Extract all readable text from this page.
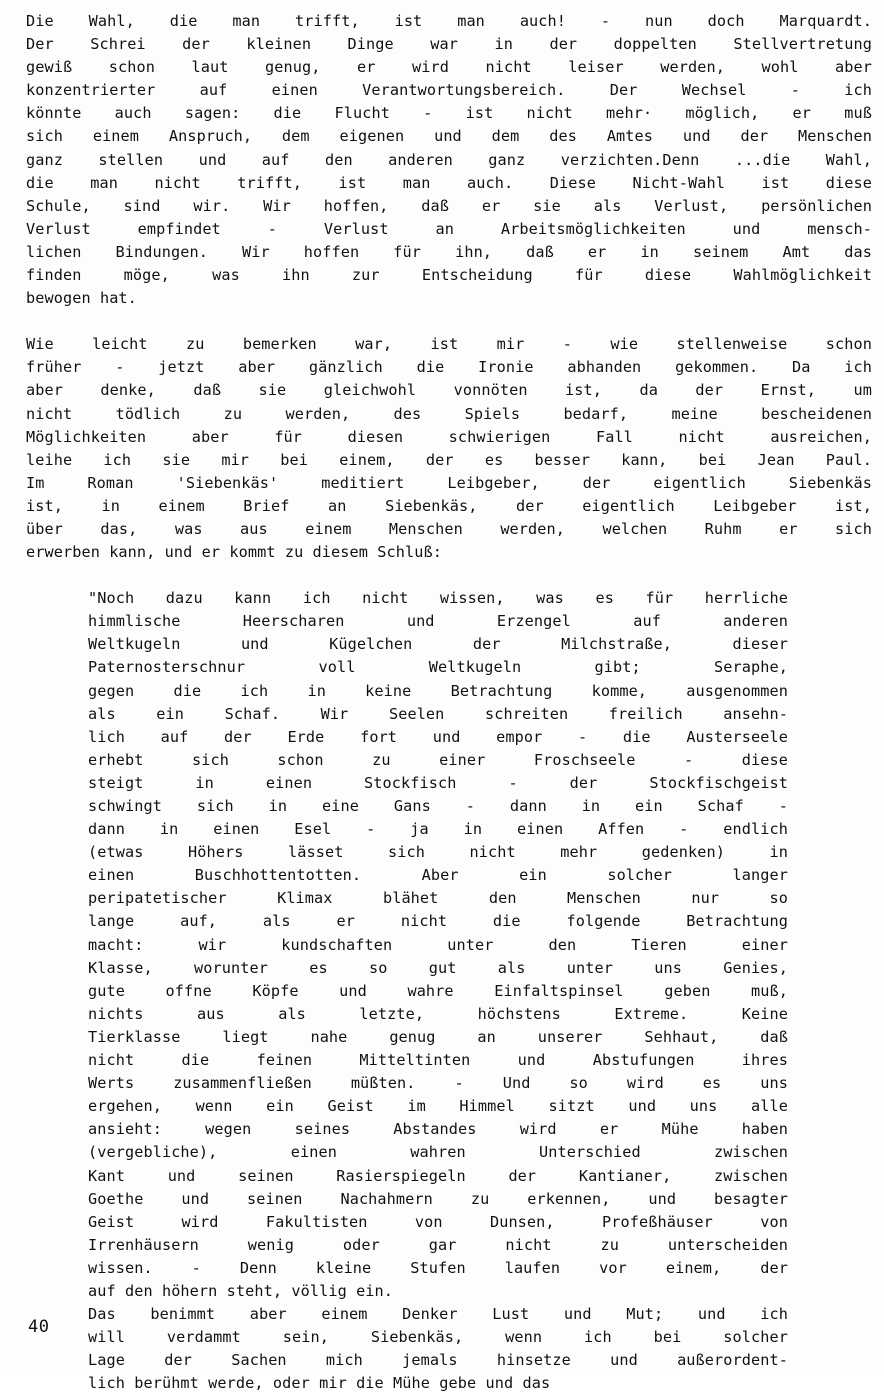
Die Wahl, die man trifft, ist man auch! - nun doch Marquardt.
Der Schrei der kleinen Dinge war in der doppelten Stellvertretung
gewiß schon laut genug, er wird nicht leiser werden, wohl aber
konzentrierter auf einen Verantwortungsbereich. Der Wechsel - ich
könnte auch sagen: die Flucht - ist nicht mehr· möglich, er muß
sich einem Anspruch, dem eigenen und dem des Amtes und der Menschen
ganz stellen und auf den anderen ganz verzichten.Denn ...die Wahl,
die man nicht trifft, ist man auch. Diese Nicht-Wahl ist diese
Schule, sind wir. Wir hoffen, daß er sie als Verlust, persönlichen
Verlust empfindet - Verlust an Arbeitsmöglichkeiten und mensch-
lichen Bindungen. Wir hoffen für ihn, daß er in seinem Amt das
finden möge, was ihn zur Entscheidung für diese Wahlmöglichkeit
bewogen hat.
Wie leicht zu bemerken war, ist mir - wie stellenweise schon
früher - jetzt aber gänzlich die Ironie abhanden gekommen. Da ich
aber denke, daß sie gleichwohl vonnöten ist, da der Ernst, um
nicht tödlich zu werden, des Spiels bedarf, meine bescheidenen
Möglichkeiten aber für diesen schwierigen Fall nicht ausreichen,
leihe ich sie mir bei einem, der es besser kann, bei Jean Paul.
Im Roman 'Siebenkäs' meditiert Leibgeber, der eigentlich Siebenkäs
ist, in einem Brief an Siebenkäs, der eigentlich Leibgeber ist,
über das, was aus einem Menschen werden, welchen Ruhm er sich
erwerben kann, und er kommt zu diesem Schluß:
"Noch dazu kann ich nicht wissen, was es für herrliche
himmlische Heerscharen und Erzengel auf anderen
Weltkugeln und Kügelchen der Milchstraße, dieser
Paternosterschnur voll Weltkugeln gibt; Seraphe,
gegen die ich in keine Betrachtung komme, ausgenommen
als ein Schaf. Wir Seelen schreiten freilich ansehn-
lich auf der Erde fort und empor - die Austerseele
erhebt sich schon zu einer Froschseele - diese
steigt in einen Stockfisch - der Stockfischgeist
schwingt sich in eine Gans - dann in ein Schaf -
dann in einen Esel - ja in einen Affen - endlich
(etwas Höhers lässet sich nicht mehr gedenken) in
einen Buschhottentotten. Aber ein solcher langer
peripatetischer Klimax blähet den Menschen nur so
lange auf, als er nicht die folgende Betrachtung
macht: wir kundschaften unter den Tieren einer
Klasse, worunter es so gut als unter uns Genies,
gute offne Köpfe und wahre Einfaltspinsel geben muß,
nichts aus als letzte, höchstens Extreme. Keine
Tierklasse liegt nahe genug an unserer Sehhaut, daß
nicht die feinen Mitteltinten und Abstufungen ihres
Werts zusammenfließen müßten. - Und so wird es uns
ergehen, wenn ein Geist im Himmel sitzt und uns alle
ansieht: wegen seines Abstandes wird er Mühe haben
(vergebliche), einen wahren Unterschied zwischen
Kant und seinen Rasierspiegeln der Kantianer, zwischen
Goethe und seinen Nachahmern zu erkennen, und besagter
Geist wird Fakultisten von Dunsen, Profeßhäuser von
Irrenhäusern wenig oder gar nicht zu unterscheiden
wissen. - Denn kleine Stufen laufen vor einem, der
auf den höhern steht, völlig ein.
Das benimmt aber einem Denker Lust und Mut; und ich
will verdammt sein, Siebenkäs, wenn ich bei solcher
Lage der Sachen mich jemals hinsetze und außerordent-
lich berühmt werde, oder mir die Mühe gebe und das
40
